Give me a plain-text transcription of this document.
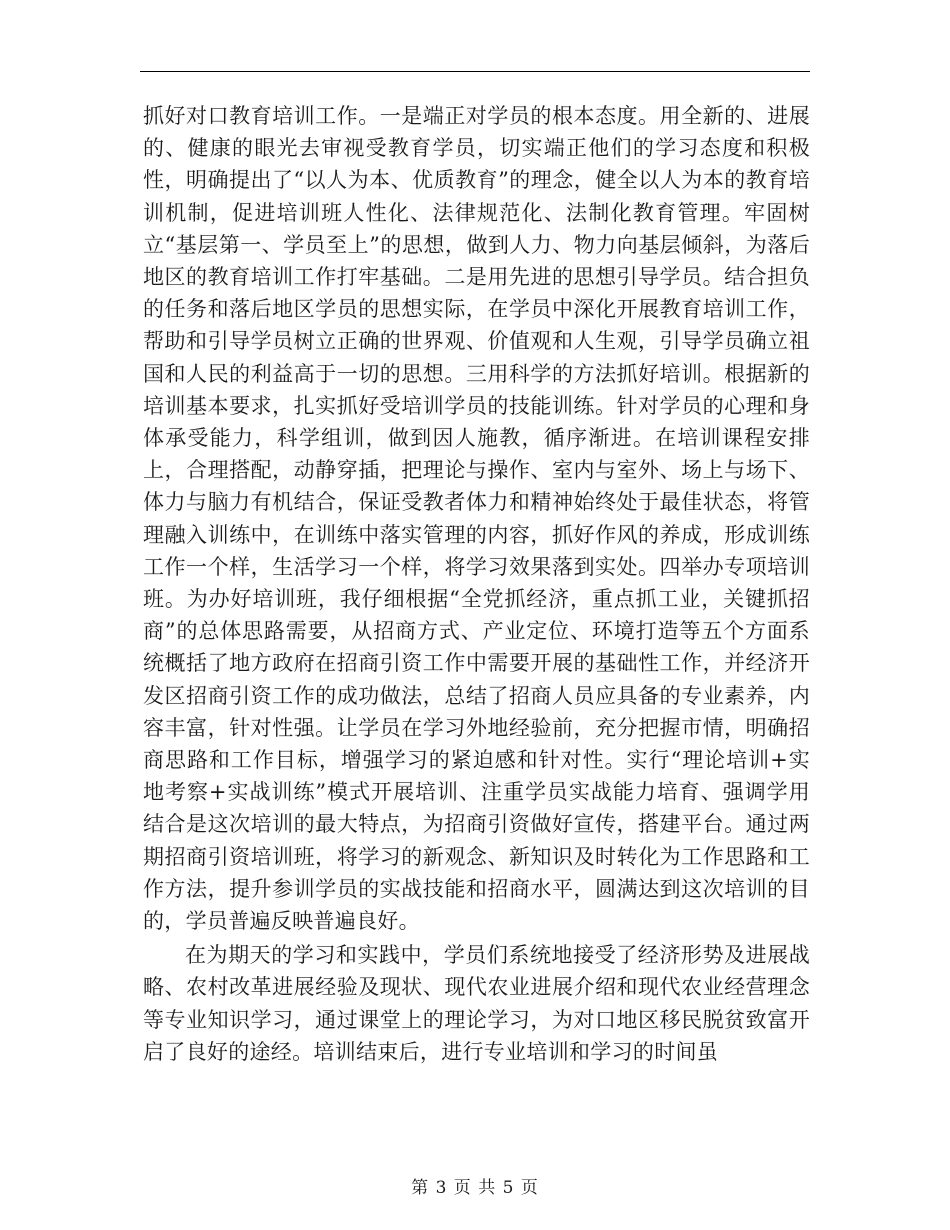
抓好对口教育培训工作。一是端正对学员的根本态度。用全新的、进展的、健康的眼光去审视受教育学员，切实端正他们的学习态度和积极性，明确提出了“以人为本、优质教育”的理念，健全以人为本的教育培训机制，促进培训班人性化、法律规范化、法制化教育管理。牢固树立“基层第一、学员至上”的思想，做到人力、物力向基层倾斜，为落后地区的教育培训工作打牢基础。二是用先进的思想引导学员。结合担负的任务和落后地区学员的思想实际，在学员中深化开展教育培训工作，帮助和引导学员树立正确的世界观、价值观和人生观，引导学员确立祖国和人民的利益高于一切的思想。三用科学的方法抓好培训。根据新的培训基本要求，扎实抓好受培训学员的技能训练。针对学员的心理和身体承受能力，科学组训，做到因人施教，循序渐进。在培训课程安排上，合理搭配，动静穿插，把理论与操作、室内与室外、场上与场下、体力与脑力有机结合，保证受教者体力和精神始终处于最佳状态，将管理融入训练中，在训练中落实管理的内容，抓好作风的养成，形成训练工作一个样，生活学习一个样，将学习效果落到实处。四举办专项培训班。为办好培训班，我仔细根据“全党抓经济，重点抓工业，关键抓招商”的总体思路需要，从招商方式、产业定位、环境打造等五个方面系统概括了地方政府在招商引资工作中需要开展的基础性工作，并经济开发区招商引资工作的成功做法，总结了招商人员应具备的专业素养，内容丰富，针对性强。让学员在学习外地经验前，充分把握市情，明确招商思路和工作目标，增强学习的紧迫感和针对性。实行“理论培训+实地考察+实战训练”模式开展培训、注重学员实战能力培育、强调学用结合是这次培训的最大特点，为招商引资做好宣传，搭建平台。通过两期招商引资培训班，将学习的新观念、新知识及时转化为工作思路和工作方法，提升参训学员的实战技能和招商水平，圆满达到这次培训的目的，学员普遍反映普遍良好。

在为期天的学习和实践中，学员们系统地接受了经济形势及进展战略、农村改革进展经验及现状、现代农业进展介绍和现代农业经营理念等专业知识学习，通过课堂上的理论学习，为对口地区移民脱贫致富开启了良好的途经。培训结束后，进行专业培训和学习的时间虽

第 3 页 共 5 页
